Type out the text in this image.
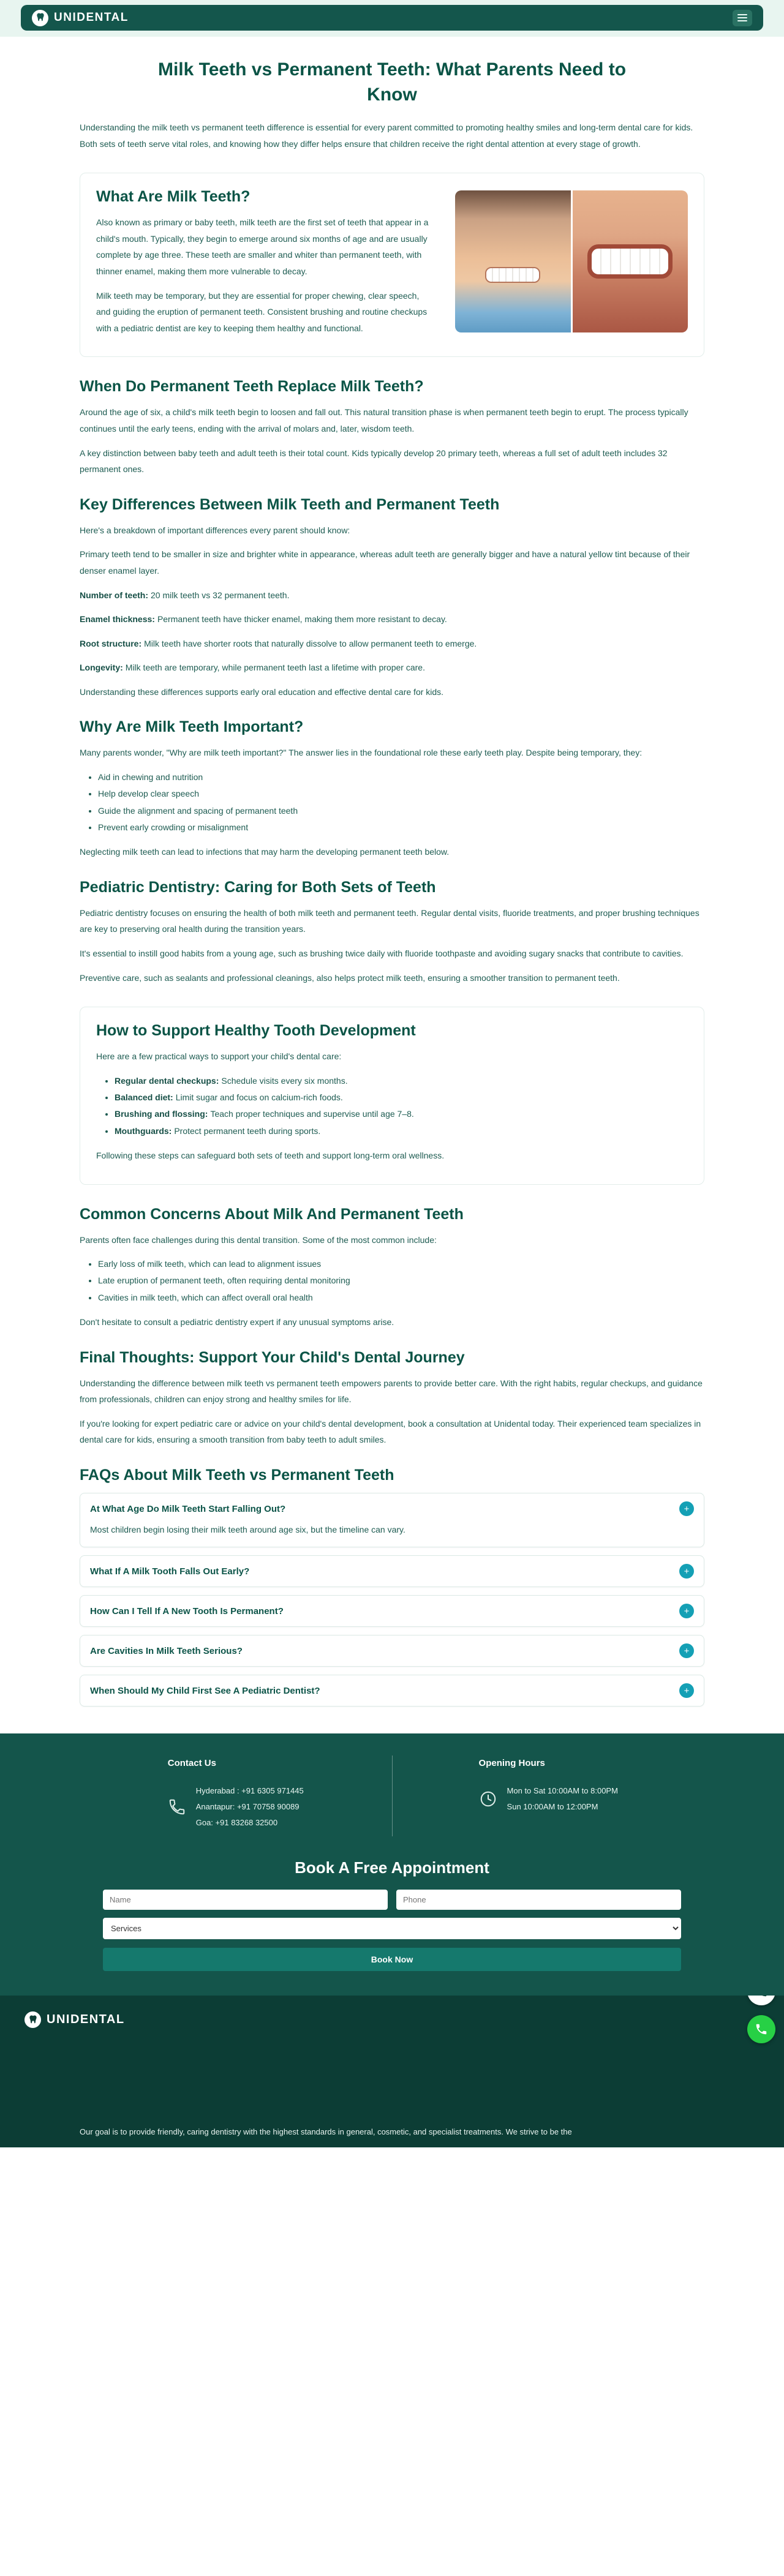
UNIDENTAL
Milk Teeth vs Permanent Teeth: What Parents Need to Know

Understanding the milk teeth vs permanent teeth difference is essential for every parent committed to promoting healthy smiles and long-term dental care for kids. Both sets of teeth serve vital roles, and knowing how they differ helps ensure that children receive the right dental attention at every stage of growth.

What Are Milk Teeth?

Also known as primary or baby teeth, milk teeth are the first set of teeth that appear in a child's mouth. Typically, they begin to emerge around six months of age and are usually complete by age three. These teeth are smaller and whiter than permanent teeth, with thinner enamel, making them more vulnerable to decay.

Milk teeth may be temporary, but they are essential for proper chewing, clear speech, and guiding the eruption of permanent teeth. Consistent brushing and routine checkups with a pediatric dentist are key to keeping them healthy and functional.

When Do Permanent Teeth Replace Milk Teeth?

Around the age of six, a child's milk teeth begin to loosen and fall out. This natural transition phase is when permanent teeth begin to erupt. The process typically continues until the early teens, ending with the arrival of molars and, later, wisdom teeth.

A key distinction between baby teeth and adult teeth is their total count. Kids typically develop 20 primary teeth, whereas a full set of adult teeth includes 32 permanent ones.

Key Differences Between Milk Teeth and Permanent Teeth

Here's a breakdown of important differences every parent should know:

Primary teeth tend to be smaller in size and brighter white in appearance, whereas adult teeth are generally bigger and have a natural yellow tint because of their denser enamel layer.

Number of teeth: 20 milk teeth vs 32 permanent teeth.

Enamel thickness: Permanent teeth have thicker enamel, making them more resistant to decay.

Root structure: Milk teeth have shorter roots that naturally dissolve to allow permanent teeth to emerge.

Longevity: Milk teeth are temporary, while permanent teeth last a lifetime with proper care.

Understanding these differences supports early oral education and effective dental care for kids.

Why Are Milk Teeth Important?

Many parents wonder, "Why are milk teeth important?" The answer lies in the foundational role these early teeth play. Despite being temporary, they:

• Aid in chewing and nutrition
• Help develop clear speech
• Guide the alignment and spacing of permanent teeth
• Prevent early crowding or misalignment

Neglecting milk teeth can lead to infections that may harm the developing permanent teeth below.

Pediatric Dentistry: Caring for Both Sets of Teeth

Pediatric dentistry focuses on ensuring the health of both milk teeth and permanent teeth. Regular dental visits, fluoride treatments, and proper brushing techniques are key to preserving oral health during the transition years.

It's essential to instill good habits from a young age, such as brushing twice daily with fluoride toothpaste and avoiding sugary snacks that contribute to cavities.

Preventive care, such as sealants and professional cleanings, also helps protect milk teeth, ensuring a smoother transition to permanent teeth.

How to Support Healthy Tooth Development

Here are a few practical ways to support your child's dental care:

• Regular dental checkups: Schedule visits every six months.
• Balanced diet: Limit sugar and focus on calcium-rich foods.
• Brushing and flossing: Teach proper techniques and supervise until age 7–8.
• Mouthguards: Protect permanent teeth during sports.

Following these steps can safeguard both sets of teeth and support long-term oral wellness.

Common Concerns About Milk And Permanent Teeth

Parents often face challenges during this dental transition. Some of the most common include:

• Early loss of milk teeth, which can lead to alignment issues
• Late eruption of permanent teeth, often requiring dental monitoring
• Cavities in milk teeth, which can affect overall oral health

Don't hesitate to consult a pediatric dentistry expert if any unusual symptoms arise.

Final Thoughts: Support Your Child's Dental Journey

Understanding the difference between milk teeth vs permanent teeth empowers parents to provide better care. With the right habits, regular checkups, and guidance from professionals, children can enjoy strong and healthy smiles for life.

If you're looking for expert pediatric care or advice on your child's dental development, book a consultation at Unidental today. Their experienced team specializes in dental care for kids, ensuring a smooth transition from baby teeth to adult smiles.

FAQs About Milk Teeth vs Permanent Teeth
At What Age Do Milk Teeth Start Falling Out?	+
Most children begin losing their milk teeth around age six, but the timeline can vary.
What If A Milk Tooth Falls Out Early?	+
How Can I Tell If A New Tooth Is Permanent?	+
Are Cavities In Milk Teeth Serious?	+
When Should My Child First See A Pediatric Dentist?	+
Contact Us
Hyderabad : +91 6305 971445
Anantapur: +91 70758 90089
Goa: +91 83268 32500
Opening Hours
Mon to Sat 10:00AM to 8:00PM
Sun 10:00AM to 12:00PM
Book A Free Appointment
Name
Phone
Services Book Now
UNIDENTAL

Our goal is to provide friendly, caring dentistry with the highest standards in general, cosmetic, and specialist treatments. We strive to be the
